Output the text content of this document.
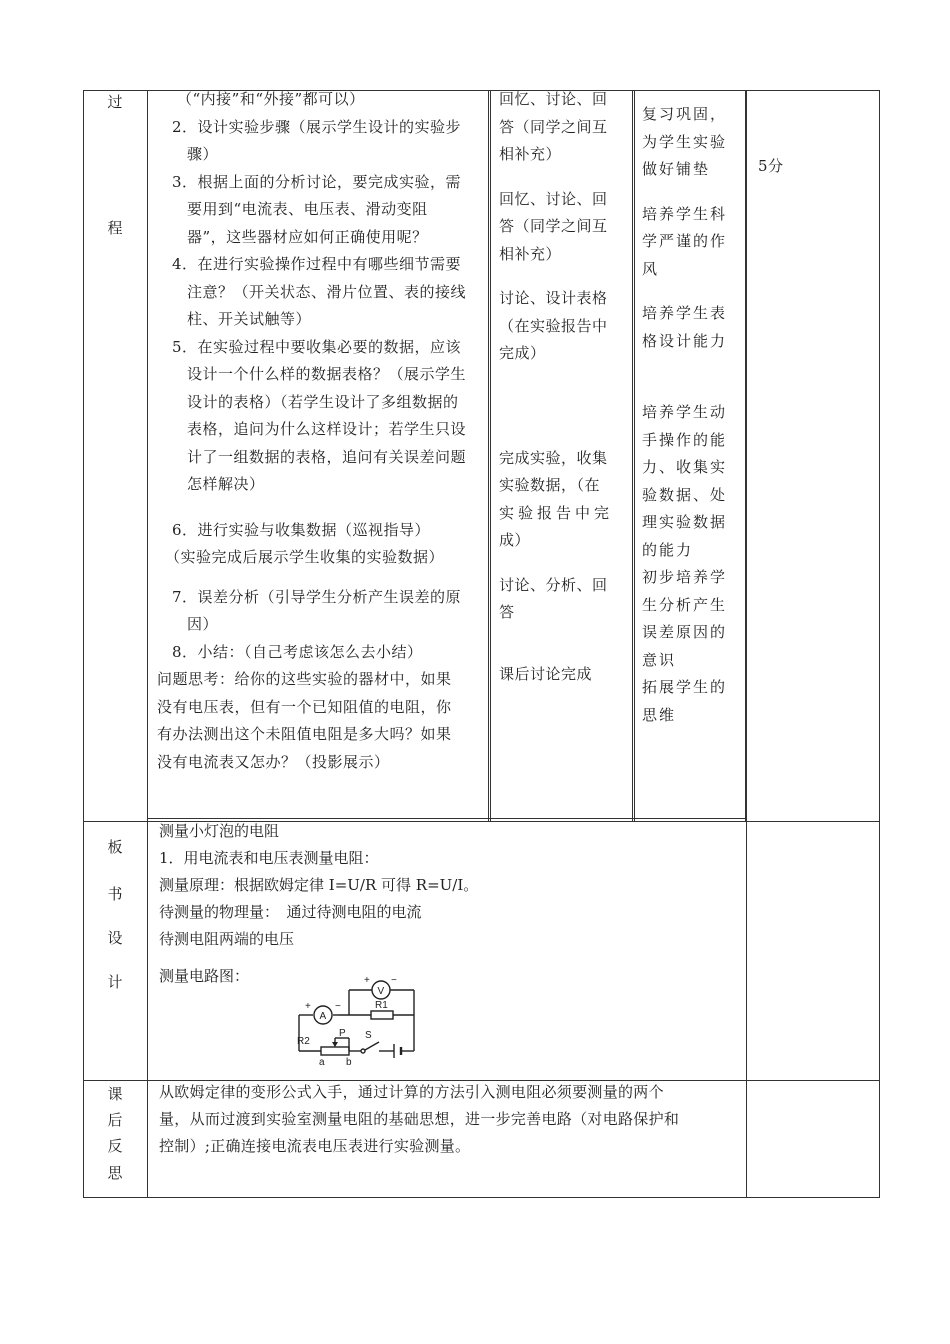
过
程

（“内接”和“外接”都可以）

2．设计实验步骤（展示学生设计的实验步

骤）

3．根据上面的分析讨论，要完成实验，需

要用到“电流表、电压表、滑动变阻

器”，这些器材应如何正确使用呢？

4．在进行实验操作过程中有哪些细节需要

注意？（开关状态、滑片位置、表的接线

柱、开关试触等）

5．在实验过程中要收集必要的数据，应该

设计一个什么样的数据表格？（展示学生

设计的表格）（若学生设计了多组数据的

表格，追问为什么这样设计；若学生只设

计了一组数据的表格，追问有关误差问题

怎样解决）

6．进行实验与收集数据（巡视指导）

（实验完成后展示学生收集的实验数据）

7．误差分析（引导学生分析产生误差的原

因）

8．小结：（自己考虑该怎么去小结）

问题思考：给你的这些实验的器材中，如果

没有电压表，但有一个已知阻值的电阻，你

有办法测出这个未阻值电阻是多大吗？如果

没有电流表又怎办？（投影展示）

回忆、讨论、回

答（同学之间互

相补充）

回忆、讨论、回

答（同学之间互

相补充）

讨论、设计表格

（在实验报告中

完成）

完成实验，收集

实验数据，（在

实验报告中完

成）

讨论、分析、回

答

课后讨论完成

复习巩固，

为学生实验

做好铺垫

培养学生科

学严谨的作

风

培养学生表

格设计能力

培养学生动

手操作的能

力、收集实

验数据、处

理实验数据

的能力

初步培养学

生分析产生

误差原因的

意识

拓展学生的

思维

5分
板
书
设
计

测量小灯泡的电阻

1．用电流表和电压表测量电阻：

测量原理：根据欧姆定律 I=U/R 可得 R=U/I。

待测量的物理量：　通过待测电阻的电流

待测电阻两端的电压

测量电路图：

V
+ −
A
+ −	R1
R2
P S
a b
课
后
反
思

从欧姆定律的变形公式入手，通过计算的方法引入测电阻必须要测量的两个

量，从而过渡到实验室测量电阻的基础思想，进一步完善电路（对电路保护和

控制）;正确连接电流表电压表进行实验测量。
